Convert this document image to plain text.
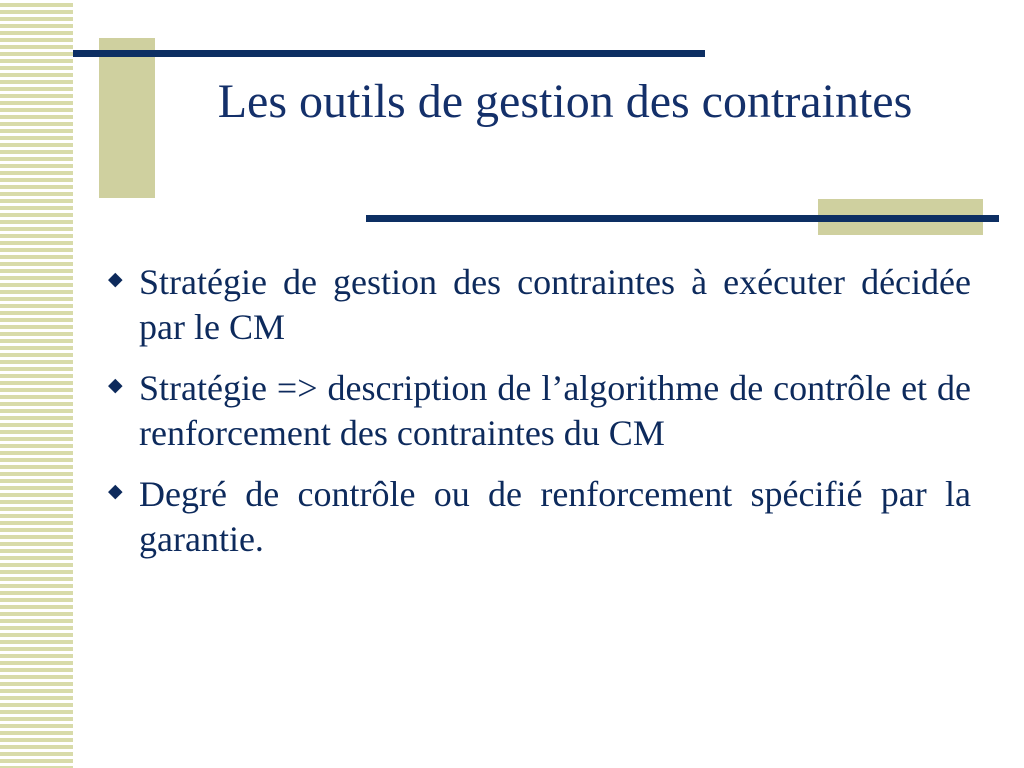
Les outils de gestion des contraintes
◆ Stratégie de gestion des contraintes à exécuter décidée par le CM
◆ Stratégie => description de l’algorithme de contrôle et de renforcement des contraintes du CM
◆ Degré de contrôle ou de renforcement spécifié par la garantie.
